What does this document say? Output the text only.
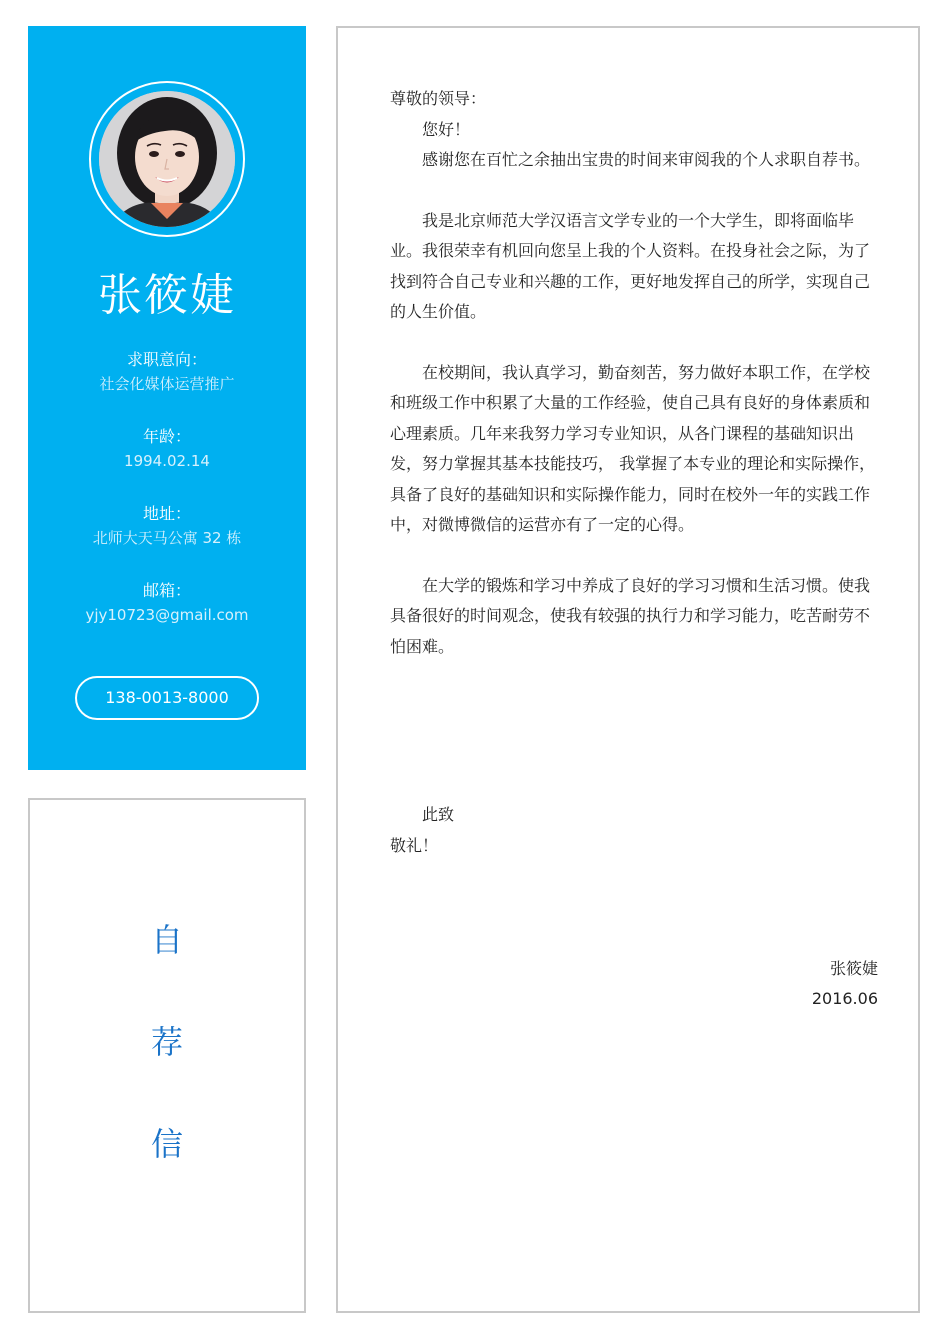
张筱婕
求职意向：
社会化媒体运营推广
年龄：
1994.02.14
地址：
北师大天马公寓 32 栋
邮箱：
yjy10723@gmail.com
138-0013-8000
自
荐
信

尊敬的领导：

您好！

感谢您在百忙之余抽出宝贵的时间来审阅我的个人求职自荐书。

我是北京师范大学汉语言文学专业的一个大学生，即将面临毕业。我很荣幸有机回向您呈上我的个人资料。在投身社会之际，为了找到符合自己专业和兴趣的工作，更好地发挥自己的所学，实现自己的人生价值。

在校期间，我认真学习，勤奋刻苦，努力做好本职工作，在学校和班级工作中积累了大量的工作经验，使自己具有良好的身体素质和心理素质。几年来我努力学习专业知识，从各门课程的基础知识出发，努力掌握其基本技能技巧， 我掌握了本专业的理论和实际操作，具备了良好的基础知识和实际操作能力，同时在校外一年的实践工作中，对微博微信的运营亦有了一定的心得。

在大学的锻炼和学习中养成了良好的学习习惯和生活习惯。使我具备很好的时间观念，使我有较强的执行力和学习能力，吃苦耐劳不怕困难。

此致

敬礼！

张筱婕
2016.06
